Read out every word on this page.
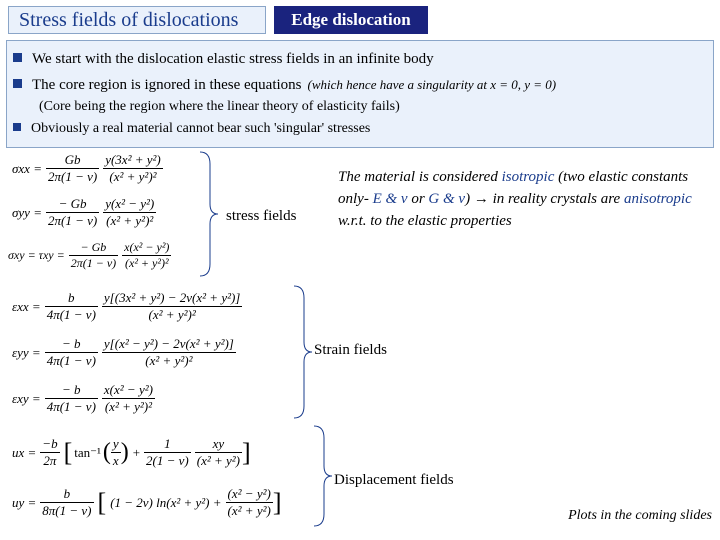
Stress fields of dislocations	Edge dislocation
We start with the dislocation elastic stress fields in an infinite body
The core region is ignored in these equations (which hence have a singularity at x = 0, y = 0)
(Core being the region where the linear theory of elasticity fails)
Obviously a real material cannot bear such 'singular' stresses
$\sigma xx = \frac{Gb}{2\pi(1 - \nu)} \frac{\text{y(3x² + y²)}}{\text{(x² + y²)²}}$
$\sigma yy = \frac{- Gb}{2\pi(1 - \nu)} \frac{\text{y(x² − y²)}}{\text{(x² + y²)²}}$
$\sigma xy = \tau xy = \frac{- Gb}{2\pi(1 - \nu)} \frac{\text{x(x² − y²)}}{\text{(x² + y²)²}}$
stress fields
The material is considered isotropic (two elastic constants only- E & ν or G & ν) → in reality crystals are anisotropic w.r.t. to the elastic properties
$\varepsilon xx = \frac{b}{4\pi(1 - \nu)} \frac{\text{y[(3x² + y²) − 2ν(x² + y²)]}}{\text{(x² + y²)²}}$
$\varepsilon yy = \frac{- b}{4\pi(1 - \nu)} \frac{\text{y[(x² − y²) − 2ν(x² + y²)]}}{\text{(x² + y²)²}}$
$\varepsilon xy = \frac{- b}{4\pi(1 - \nu)} \frac{\text{x(x² − y²)}}{\text{(x² + y²)²}}$
Strain fields
ux = $\frac{-b}{2\pi}$ [ tan⁻¹ ( $\frac{y}{x}$ ) + $\frac{1}{2(1 - \nu)} \frac{xy}{\text{(x² + y²)}}$ ]
uy = $\frac{b}{8\pi(1 - \nu)}$ [ (1 − 2ν) $\ln(x^2 + y^2) + \frac{\text{(x² − y²)}}{\text{(x² + y²)}}$ ]
Displacement fields
Plots in the coming slides
